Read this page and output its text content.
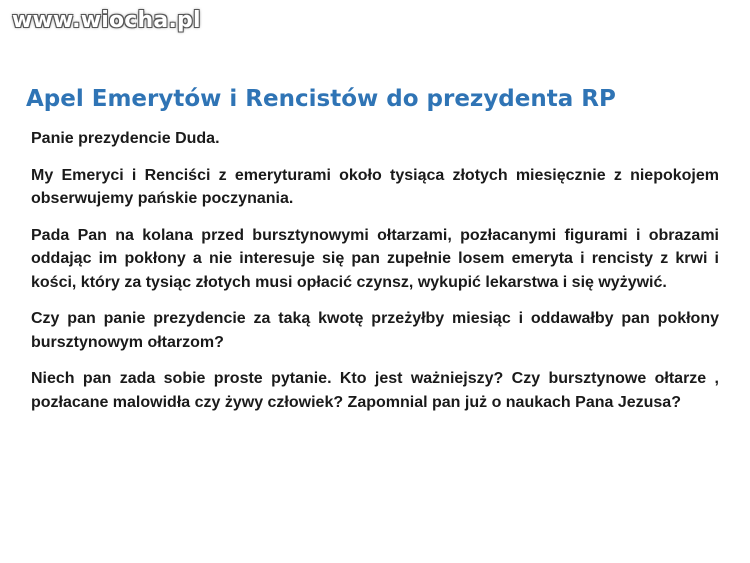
www.wiocha.pl
Apel Emerytów i Rencistów do prezydenta RP

Panie prezydencie Duda.

My Emeryci i Renciści z emeryturami około tysiąca złotych miesięcznie z niepokojem obserwujemy pańskie poczynania.

Pada Pan na kolana przed bursztynowymi ołtarzami, pozłacanymi figurami i obrazami oddając im pokłony a nie interesuje się pan zupełnie losem emeryta i rencisty z krwi i kości, który za tysiąc złotych musi opłacić czynsz, wykupić lekarstwa i się wyżywić.

Czy pan panie prezydencie za taką kwotę przeżyłby miesiąc i oddawałby pan pokłony bursztynowym ołtarzom?

Niech pan zada sobie proste pytanie. Kto jest ważniejszy? Czy bursztynowe ołtarze , pozłacane malowidła czy żywy człowiek? Zapomnial pan już o naukach Pana Jezusa?
